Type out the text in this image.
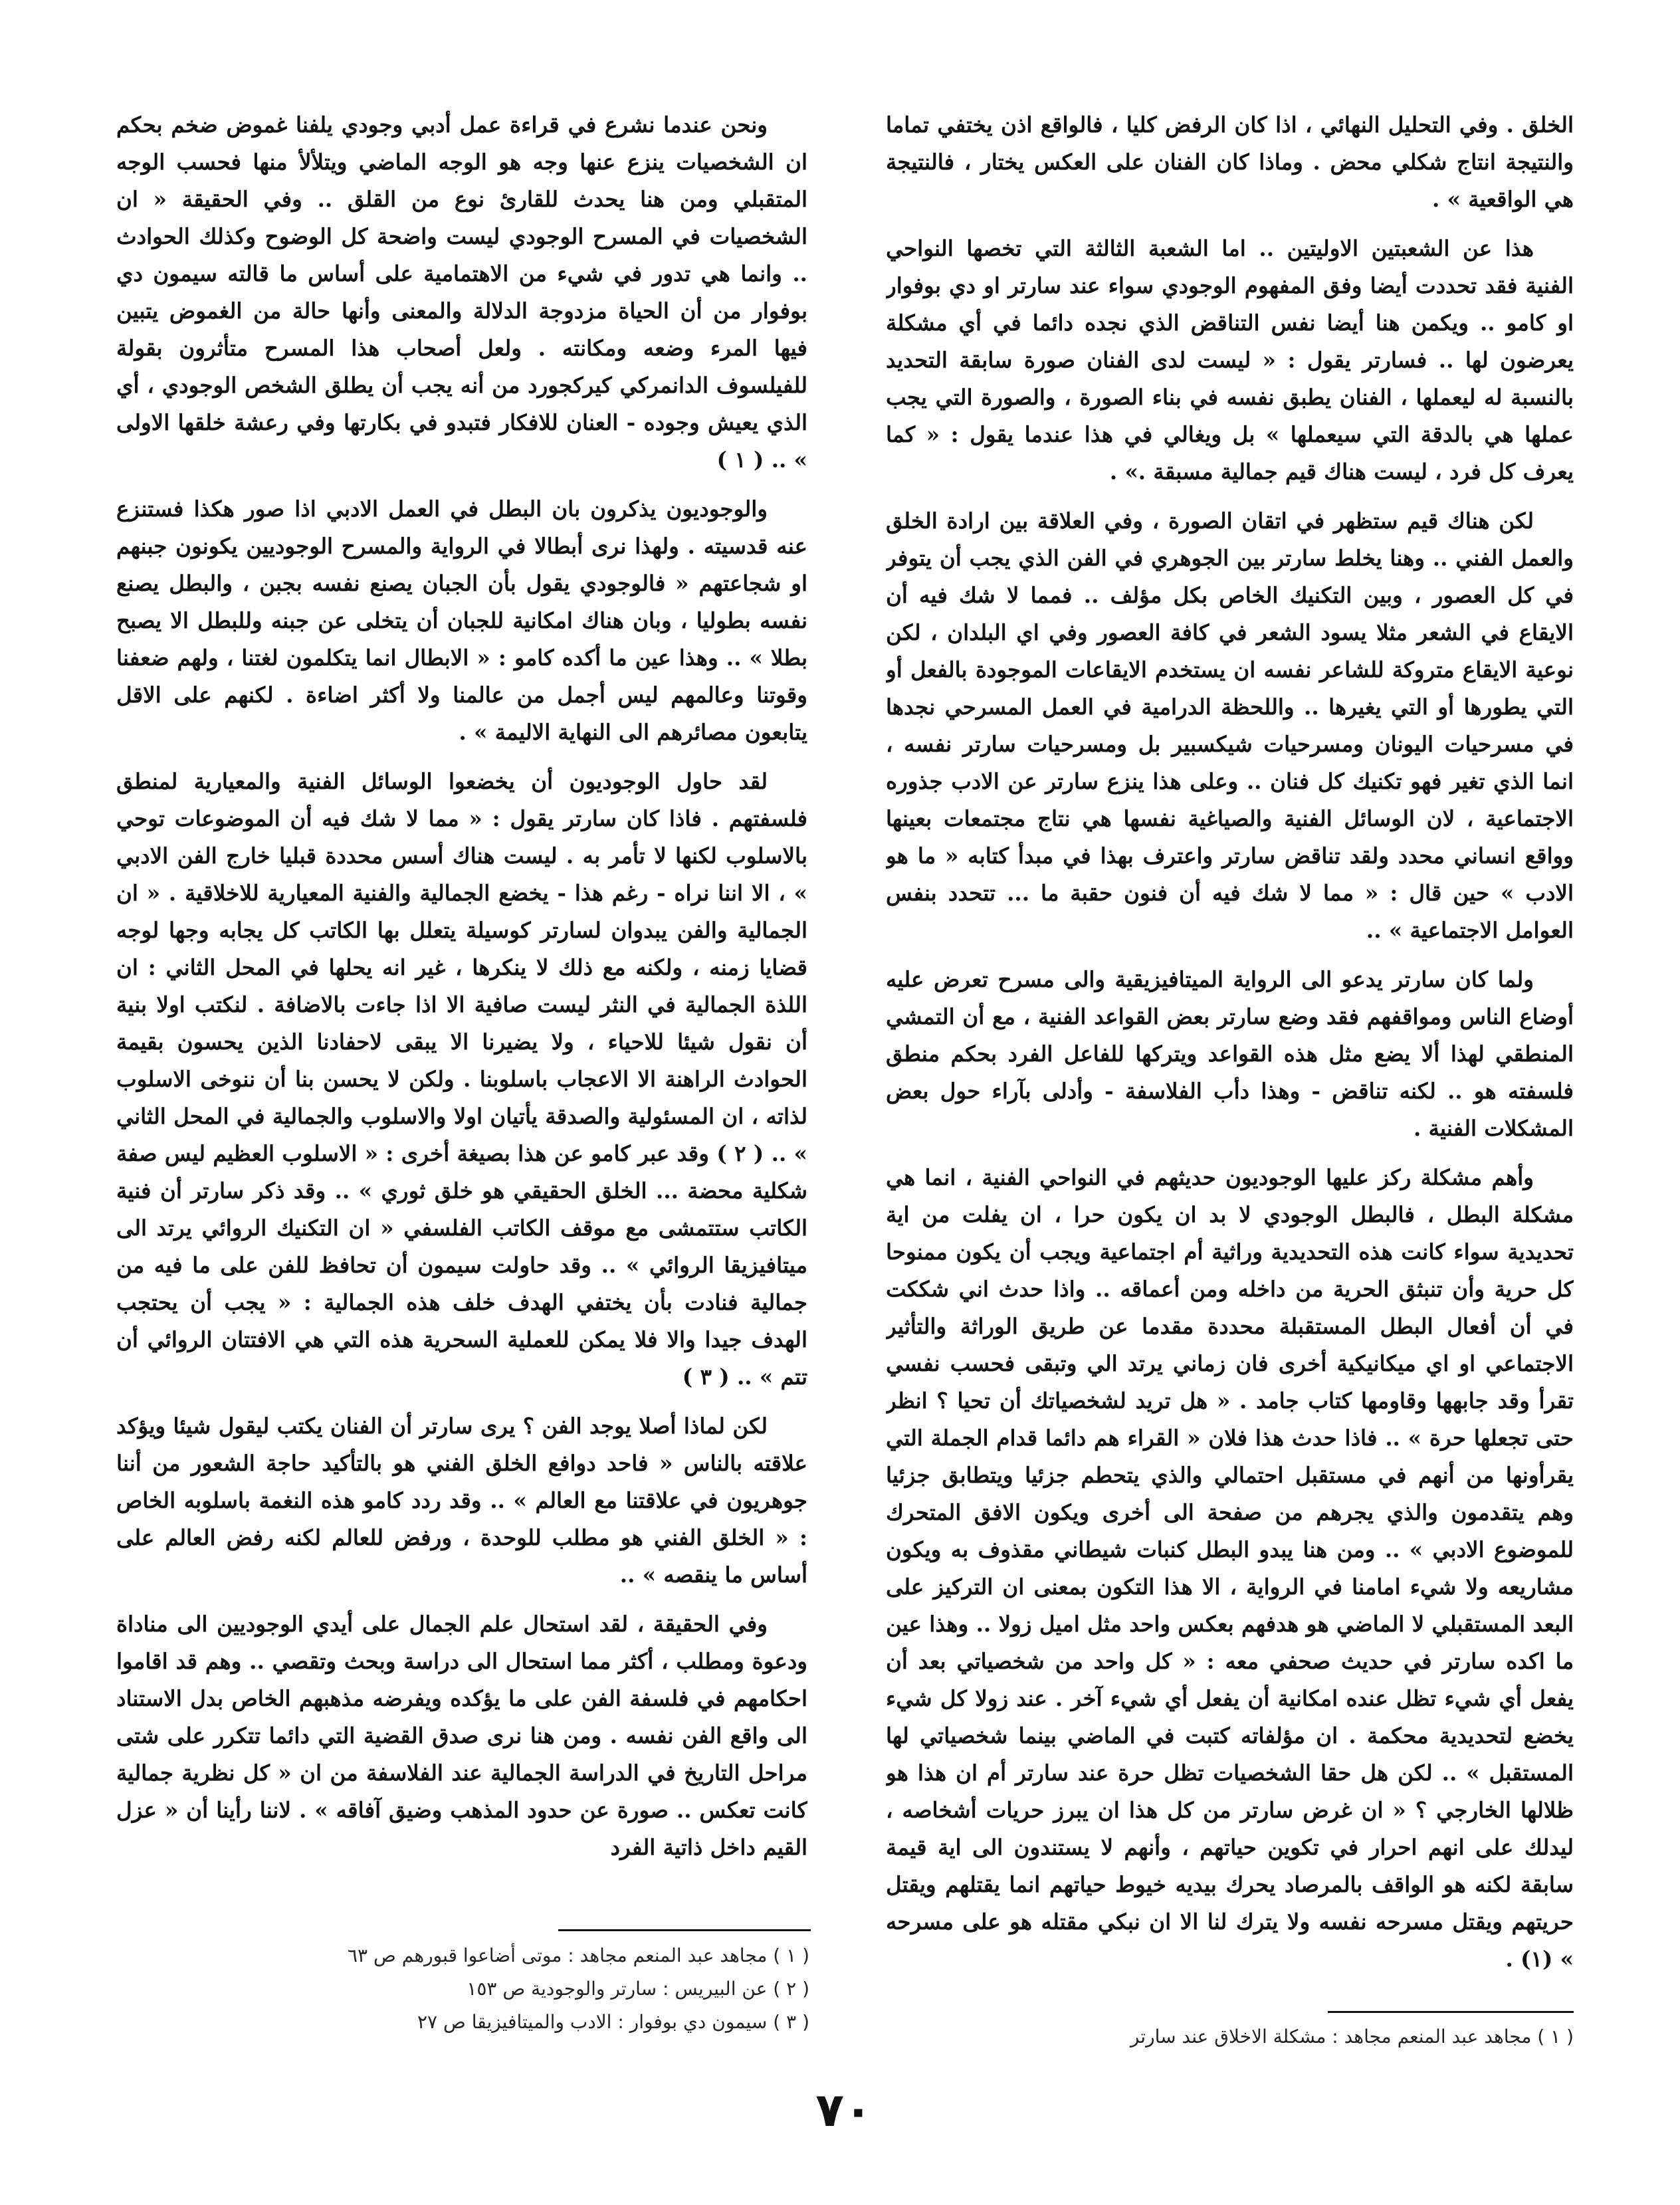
الخلق . وفي التحليل النهائي ، اذا كان الرفض كليا ، فالواقع اذن يختفي تماما والنتيجة انتاج شكلي محض . وماذا كان الفنان على العكس يختار ، فالنتيجة هي الواقعية » .

هذا عن الشعبتين الاوليتين .. اما الشعبة الثالثة التي تخصها النواحي الفنية فقد تحددت أيضا وفق المفهوم الوجودي سواء عند سارتر او دي بوفوار او كامو .. ويكمن هنا أيضا نفس التناقض الذي نجده دائما في أي مشكلة يعرضون لها .. فسارتر يقول : « ليست لدى الفنان صورة سابقة التحديد بالنسبة له ليعملها ، الفنان يطبق نفسه في بناء الصورة ، والصورة التي يجب عملها هي بالدقة التي سيعملها » بل ويغالي في هذا عندما يقول : « كما يعرف كل فرد ، ليست هناك قيم جمالية مسبقة .» .

لكن هناك قيم ستظهر في اتقان الصورة ، وفي العلاقة بين ارادة الخلق والعمل الفني .. وهنا يخلط سارتر بين الجوهري في الفن الذي يجب أن يتوفر في كل العصور ، وبين التكنيك الخاص بكل مؤلف .. فمما لا شك فيه أن الايقاع في الشعر مثلا يسود الشعر في كافة العصور وفي اي البلدان ، لكن نوعية الايقاع متروكة للشاعر نفسه ان يستخدم الايقاعات الموجودة بالفعل أو التي يطورها أو التي يغيرها .. واللحظة الدرامية في العمل المسرحي نجدها في مسرحيات اليونان ومسرحيات شيكسبير بل ومسرحيات سارتر نفسه ، انما الذي تغير فهو تكنيك كل فنان .. وعلى هذا ينزع سارتر عن الادب جذوره الاجتماعية ، لان الوسائل الفنية والصياغية نفسها هي نتاج مجتمعات بعينها وواقع انساني محدد ولقد تناقض سارتر واعترف بهذا في مبدأ كتابه « ما هو الادب » حين قال : « مما لا شك فيه أن فنون حقبة ما ... تتحدد بنفس العوامل الاجتماعية » ..

ولما كان سارتر يدعو الى الرواية الميتافيزيقية والى مسرح تعرض عليه أوضاع الناس ومواقفهم فقد وضع سارتر بعض القواعد الفنية ، مع أن التمشي المنطقي لهذا ألا يضع مثل هذه القواعد ويتركها للفاعل الفرد بحكم منطق فلسفته هو .. لكنه تناقض - وهذا دأب الفلاسفة - وأدلى بآراء حول بعض المشكلات الفنية .

وأهم مشكلة ركز عليها الوجوديون حديثهم في النواحي الفنية ، انما هي مشكلة البطل ، فالبطل الوجودي لا بد ان يكون حرا ، ان يفلت من اية تحديدية سواء كانت هذه التحديدية وراثية أم اجتماعية ويجب أن يكون ممنوحا كل حرية وأن تنبثق الحرية من داخله ومن أعماقه .. واذا حدث اني شككت في أن أفعال البطل المستقبلة محددة مقدما عن طريق الوراثة والتأثير الاجتماعي او اي ميكانيكية أخرى فان زماني يرتد الي وتبقى فحسب نفسي تقرأ وقد جابهها وقاومها كتاب جامد . « هل تريد لشخصياتك أن تحيا ؟ انظر حتى تجعلها حرة » .. فاذا حدث هذا فلان « القراء هم دائما قدام الجملة التي يقرأونها من أنهم في مستقبل احتمالي والذي يتحطم جزئيا ويتطابق جزئيا وهم يتقدمون والذي يجرهم من صفحة الى أخرى ويكون الافق المتحرك للموضوع الادبي » .. ومن هنا يبدو البطل كنبات شيطاني مقذوف به ويكون مشاريعه ولا شيء امامنا في الرواية ، الا هذا التكون بمعنى ان التركيز على البعد المستقبلي لا الماضي هو هدفهم بعكس واحد مثل اميل زولا .. وهذا عين ما اكده سارتر في حديث صحفي معه : « كل واحد من شخصياتي بعد أن يفعل أي شيء تظل عنده امكانية أن يفعل أي شيء آخر . عند زولا كل شيء يخضع لتحديدية محكمة . ان مؤلفاته كتبت في الماضي بينما شخصياتي لها المستقبل » .. لكن هل حقا الشخصيات تظل حرة عند سارتر أم ان هذا هو ظلالها الخارجي ؟ « ان غرض سارتر من كل هذا ان يبرز حريات أشخاصه ، ليدلك على انهم احرار في تكوين حياتهم ، وأنهم لا يستندون الى اية قيمة سابقة لكنه هو الواقف بالمرصاد يحرك بيديه خيوط حياتهم انما يقتلهم ويقتل حريتهم ويقتل مسرحه نفسه ولا يترك لنا الا ان نبكي مقتله هو على مسرحه » (١) .

ونحن عندما نشرع في قراءة عمل أدبي وجودي يلفنا غموض ضخم بحكم ان الشخصيات ينزع عنها وجه هو الوجه الماضي ويتلألأ منها فحسب الوجه المتقبلي ومن هنا يحدث للقارئ نوع من القلق .. وفي الحقيقة « ان الشخصيات في المسرح الوجودي ليست واضحة كل الوضوح وكذلك الحوادث .. وانما هي تدور في شيء من الاهتمامية على أساس ما قالته سيمون دي بوفوار من أن الحياة مزدوجة الدلالة والمعنى وأنها حالة من الغموض يتبين فيها المرء وضعه ومكانته . ولعل أصحاب هذا المسرح متأثرون بقولة للفيلسوف الدانمركي كيركجورد من أنه يجب أن يطلق الشخص الوجودي ، أي الذي يعيش وجوده - العنان للافكار فتبدو في بكارتها وفي رعشة خلقها الاولى » .. ( ١ )

والوجوديون يذكرون بان البطل في العمل الادبي اذا صور هكذا فستنزع عنه قدسيته . ولهذا نرى أبطالا في الرواية والمسرح الوجوديين يكونون جبنهم او شجاعتهم « فالوجودي يقول بأن الجبان يصنع نفسه بجبن ، والبطل يصنع نفسه بطوليا ، وبان هناك امكانية للجبان أن يتخلى عن جبنه وللبطل الا يصبح بطلا » .. وهذا عين ما أكده كامو : « الابطال انما يتكلمون لغتنا ، ولهم ضعفنا وقوتنا وعالمهم ليس أجمل من عالمنا ولا أكثر اضاءة . لكنهم على الاقل يتابعون مصائرهم الى النهاية الاليمة » .

لقد حاول الوجوديون أن يخضعوا الوسائل الفنية والمعيارية لمنطق فلسفتهم . فاذا كان سارتر يقول : « مما لا شك فيه أن الموضوعات توحي بالاسلوب لكنها لا تأمر به . ليست هناك أسس محددة قبليا خارج الفن الادبي » ، الا اننا نراه - رغم هذا - يخضع الجمالية والفنية المعيارية للاخلاقية . « ان الجمالية والفن يبدوان لسارتر كوسيلة يتعلل بها الكاتب كل يجابه وجها لوجه قضايا زمنه ، ولكنه مع ذلك لا ينكرها ، غير انه يحلها في المحل الثاني : ان اللذة الجمالية في النثر ليست صافية الا اذا جاءت بالاضافة . لنكتب اولا بنية أن نقول شيئا للاحياء ، ولا يضيرنا الا يبقى لاحفادنا الذين يحسون بقيمة الحوادث الراهنة الا الاعجاب باسلوبنا . ولكن لا يحسن بنا أن ننوخى الاسلوب لذاته ، ان المسئولية والصدقة يأتيان اولا والاسلوب والجمالية في المحل الثاني » .. ( ٢ ) وقد عبر كامو عن هذا بصيغة أخرى : « الاسلوب العظيم ليس صفة شكلية محضة ... الخلق الحقيقي هو خلق ثوري » .. وقد ذكر سارتر أن فنية الكاتب ستتمشى مع موقف الكاتب الفلسفي « ان التكنيك الروائي يرتد الى ميتافيزيقا الروائي » .. وقد حاولت سيمون أن تحافظ للفن على ما فيه من جمالية فنادت بأن يختفي الهدف خلف هذه الجمالية : « يجب أن يحتجب الهدف جيدا والا فلا يمكن للعملية السحرية هذه التي هي الافتتان الروائي أن تتم » .. ( ٣ )

لكن لماذا أصلا يوجد الفن ؟ يرى سارتر أن الفنان يكتب ليقول شيئا ويؤكد علاقته بالناس « فاحد دوافع الخلق الفني هو بالتأكيد حاجة الشعور من أننا جوهريون في علاقتنا مع العالم » .. وقد ردد كامو هذه النغمة باسلوبه الخاص : « الخلق الفني هو مطلب للوحدة ، ورفض للعالم لكنه رفض العالم على أساس ما ينقصه » ..

وفي الحقيقة ، لقد استحال علم الجمال على أيدي الوجوديين الى مناداة ودعوة ومطلب ، أكثر مما استحال الى دراسة وبحث وتقصي .. وهم قد اقاموا احكامهم في فلسفة الفن على ما يؤكده ويفرضه مذهبهم الخاص بدل الاستناد الى واقع الفن نفسه . ومن هنا نرى صدق القضية التي دائما تتكرر على شتى مراحل التاريخ في الدراسة الجمالية عند الفلاسفة من ان « كل نظرية جمالية كانت تعكس .. صورة عن حدود المذهب وضيق آفاقه » . لاننا رأينا أن « عزل القيم داخل ذاتية الفرد

( ١ ) مجاهد عبد المنعم مجاهد : موتى أضاعوا قبورهم ص ٦٣
( ٢ ) عن البيريس : سارتر والوجودية ص ١٥٣
( ٣ ) سيمون دي بوفوار : الادب والميتافيزيقا ص ٢٧
( ١ ) مجاهد عبد المنعم مجاهد : مشكلة الاخلاق عند سارتر
٧٠
